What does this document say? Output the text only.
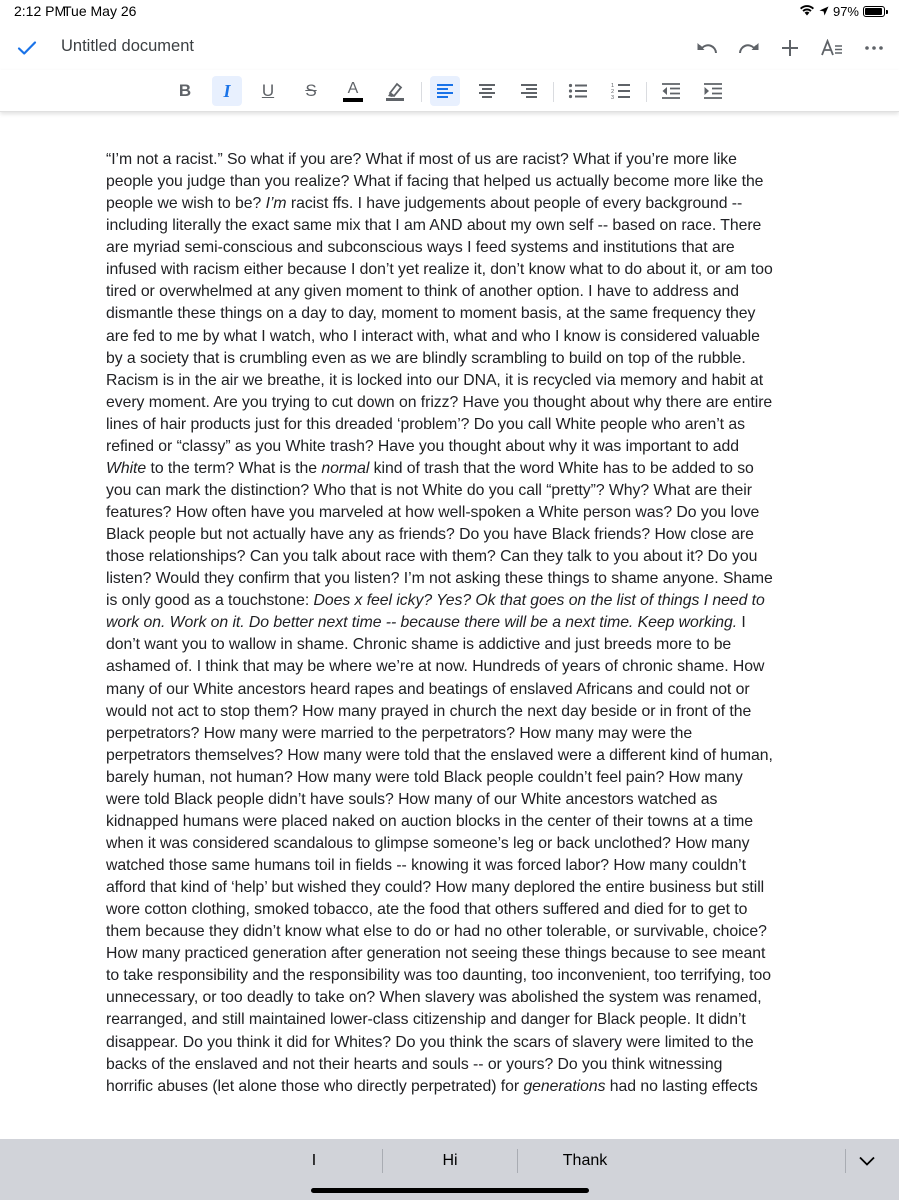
2:12 PM
Tue May 26	97%
Untitled document
B I U S A	1
2
3
“I’m not a racist.” So what if you are? What if most of us are racist? What if you’re more like
people you judge than you realize? What if facing that helped us actually become more like the
people we wish to be? I’m racist ffs. I have judgements about people of every background --
including literally the exact same mix that I am AND about my own self -- based on race. There
are myriad semi-conscious and subconscious ways I feed systems and institutions that are
infused with racism either because I don’t yet realize it, don’t know what to do about it, or am too
tired or overwhelmed at any given moment to think of another option. I have to address and
dismantle these things on a day to day, moment to moment basis, at the same frequency they
are fed to me by what I watch, who I interact with, what and who I know is considered valuable
by a society that is crumbling even as we are blindly scrambling to build on top of the rubble.
Racism is in the air we breathe, it is locked into our DNA, it is recycled via memory and habit at
every moment. Are you trying to cut down on frizz? Have you thought about why there are entire
lines of hair products just for this dreaded ‘problem’? Do you call White people who aren’t as
refined or “classy” as you White trash? Have you thought about why it was important to add
White to the term? What is the normal kind of trash that the word White has to be added to so
you can mark the distinction? Who that is not White do you call “pretty”? Why? What are their
features? How often have you marveled at how well-spoken a White person was? Do you love
Black people but not actually have any as friends? Do you have Black friends? How close are
those relationships? Can you talk about race with them? Can they talk to you about it? Do you
listen? Would they confirm that you listen? I’m not asking these things to shame anyone. Shame
is only good as a touchstone: Does x feel icky? Yes? Ok that goes on the list of things I need to
work on. Work on it. Do better next time -- because there will be a next time. Keep working. I
don’t want you to wallow in shame. Chronic shame is addictive and just breeds more to be
ashamed of. I think that may be where we’re at now. Hundreds of years of chronic shame. How
many of our White ancestors heard rapes and beatings of enslaved Africans and could not or
would not act to stop them? How many prayed in church the next day beside or in front of the
perpetrators? How many were married to the perpetrators? How many may were the
perpetrators themselves? How many were told that the enslaved were a different kind of human,
barely human, not human? How many were told Black people couldn’t feel pain? How many
were told Black people didn’t have souls? How many of our White ancestors watched as
kidnapped humans were placed naked on auction blocks in the center of their towns at a time
when it was considered scandalous to glimpse someone’s leg or back unclothed? How many
watched those same humans toil in fields -- knowing it was forced labor? How many couldn’t
afford that kind of ‘help’ but wished they could? How many deplored the entire business but still
wore cotton clothing, smoked tobacco, ate the food that others suffered and died for to get to
them because they didn’t know what else to do or had no other tolerable, or survivable, choice?
How many practiced generation after generation not seeing these things because to see meant
to take responsibility and the responsibility was too daunting, too inconvenient, too terrifying, too
unnecessary, or too deadly to take on? When slavery was abolished the system was renamed,
rearranged, and still maintained lower-class citizenship and danger for Black people. It didn’t
disappear. Do you think it did for Whites? Do you think the scars of slavery were limited to the
backs of the enslaved and not their hearts and souls -- or yours? Do you think witnessing
horrific abuses (let alone those who directly perpetrated) for generations had no lasting effects
I	Hi	Thank
